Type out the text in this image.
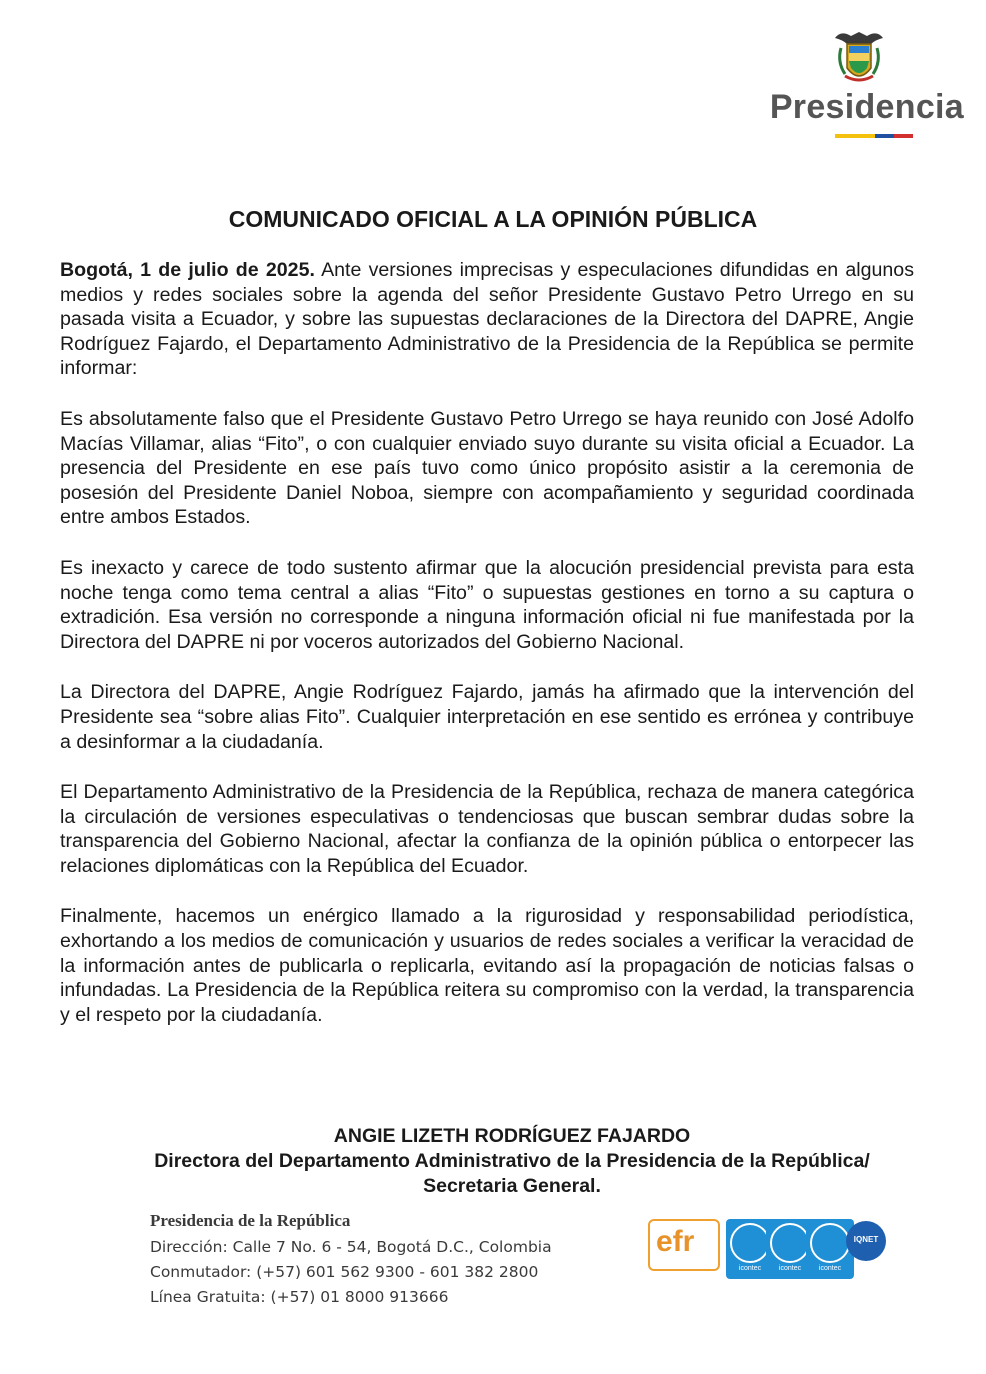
Presidencia
COMUNICADO OFICIAL A LA OPINIÓN PÚBLICA

Bogotá, 1 de julio de 2025. Ante versiones imprecisas y especulaciones difundidas en algunos medios y redes sociales sobre la agenda del señor Presidente Gustavo Petro Urrego en su pasada visita a Ecuador, y sobre las supuestas declaraciones de la Directora del DAPRE, Angie Rodríguez Fajardo, el Departamento Administrativo de la Presidencia de la República se permite informar:

Es absolutamente falso que el Presidente Gustavo Petro Urrego se haya reunido con José Adolfo Macías Villamar, alias “Fito”, o con cualquier enviado suyo durante su visita oficial a Ecuador. La presencia del Presidente en ese país tuvo como único propósito asistir a la ceremonia de posesión del Presidente Daniel Noboa, siempre con acompañamiento y seguridad coordinada entre ambos Estados.

Es inexacto y carece de todo sustento afirmar que la alocución presidencial prevista para esta noche tenga como tema central a alias “Fito” o supuestas gestiones en torno a su captura o extradición. Esa versión no corresponde a ninguna información oficial ni fue manifestada por la Directora del DAPRE ni por voceros autorizados del Gobierno Nacional.

La Directora del DAPRE, Angie Rodríguez Fajardo, jamás ha afirmado que la intervención del Presidente sea “sobre alias Fito”. Cualquier interpretación en ese sentido es errónea y contribuye a desinformar a la ciudadanía.

El Departamento Administrativo de la Presidencia de la República, rechaza de manera categórica la circulación de versiones especulativas o tendenciosas que buscan sembrar dudas sobre la transparencia del Gobierno Nacional, afectar la confianza de la opinión pública o entorpecer las relaciones diplomáticas con la República del Ecuador.

Finalmente, hacemos un enérgico llamado a la rigurosidad y responsabilidad periodística, exhortando a los medios de comunicación y usuarios de redes sociales a verificar la veracidad de la información antes de publicarla o replicarla, evitando así la propagación de noticias falsas o infundadas. La Presidencia de la República reitera su compromiso con la verdad, la transparencia y el respeto por la ciudadanía.

ANGIE LIZETH RODRÍGUEZ FAJARDO
Directora del Departamento Administrativo de la Presidencia de la República/
Secretaria General.
Presidencia de la República
Dirección: Calle 7 No. 6 - 54, Bogotá D.C., Colombia
Conmutador: (+57) 601 562 9300 - 601 382 2800
Línea Gratuita: (+57) 01 8000 913666
efr
icontec	icontec	icontec
IQNET
